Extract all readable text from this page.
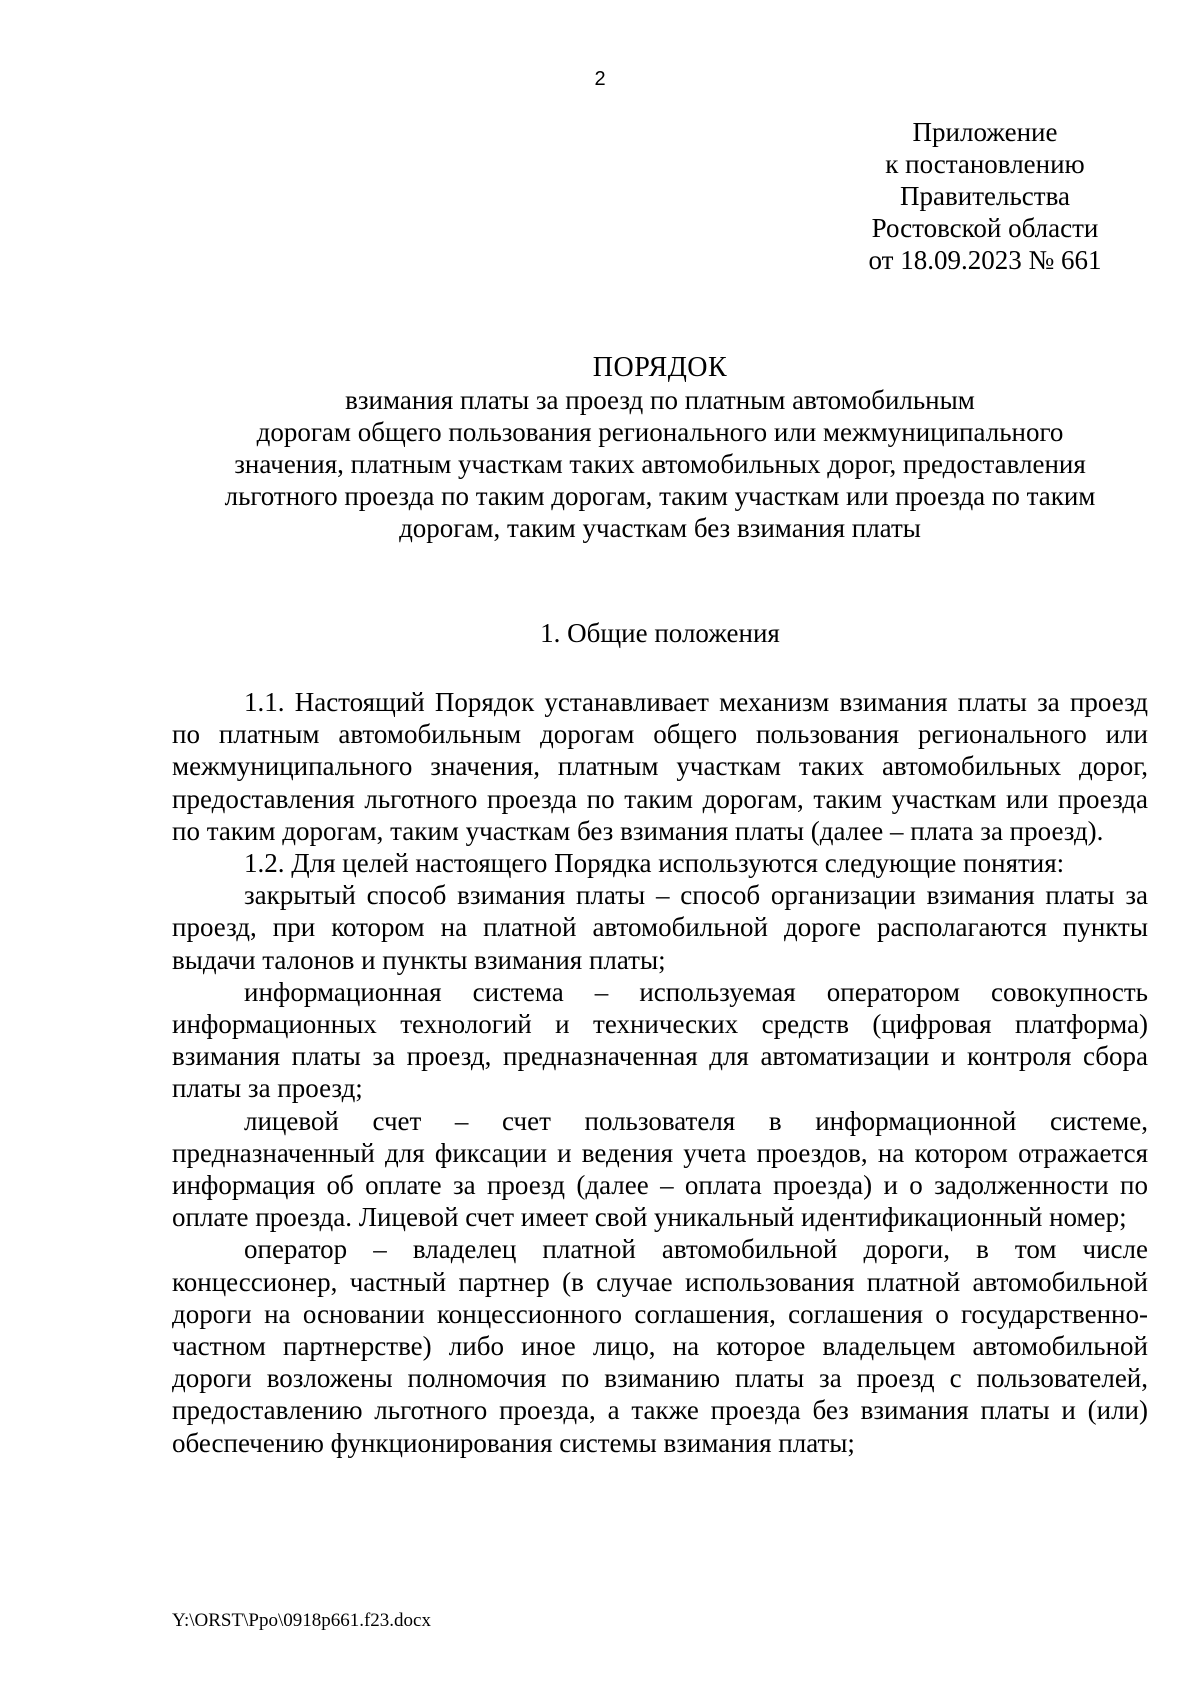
2
Приложение
к постановлению
Правительства
Ростовской области
от 18.09.2023 № 661
ПОРЯДОК
взимания платы за проезд по платным автомобильным
дорогам общего пользования регионального или межмуниципального
значения, платным участкам таких автомобильных дорог, предоставления
льготного проезда по таким дорогам, таким участкам или проезда по таким
дорогам, таким участкам без взимания платы
1. Общие положения

1.1. Настоящий Порядок устанавливает механизм взимания платы за проезд по платным автомобильным дорогам общего пользования регионального или межмуниципального значения, платным участкам таких автомобильных дорог, предоставления льготного проезда по таким дорогам, таким участкам или проезда по таким дорогам, таким участкам без взимания платы (далее – плата за проезд).

1.2. Для целей настоящего Порядка используются следующие понятия:

закрытый способ взимания платы – способ организации взимания платы за проезд, при котором на платной автомобильной дороге располагаются пункты выдачи талонов и пункты взимания платы;

информационная система – используемая оператором совокупность информационных технологий и технических средств (цифровая платформа) взимания платы за проезд, предназначенная для автоматизации и контроля сбора платы за проезд;

лицевой счет – счет пользователя в информационной системе, предназначенный для фиксации и ведения учета проездов, на котором отражается информация об оплате за проезд (далее – оплата проезда) и о задолженности по оплате проезда. Лицевой счет имеет свой уникальный идентификационный номер;

оператор – владелец платной автомобильной дороги, в том числе концессионер, частный партнер (в случае использования платной автомобильной дороги на основании концессионного соглашения, соглашения о государственно-частном партнерстве) либо иное лицо, на которое владельцем автомобильной дороги возложены полномочия по взиманию платы за проезд с пользователей, предоставлению льготного проезда, а также проезда без взимания платы и (или) обеспечению функционирования системы взимания платы;

Y:\ORST\Ppo\0918p661.f23.docx
